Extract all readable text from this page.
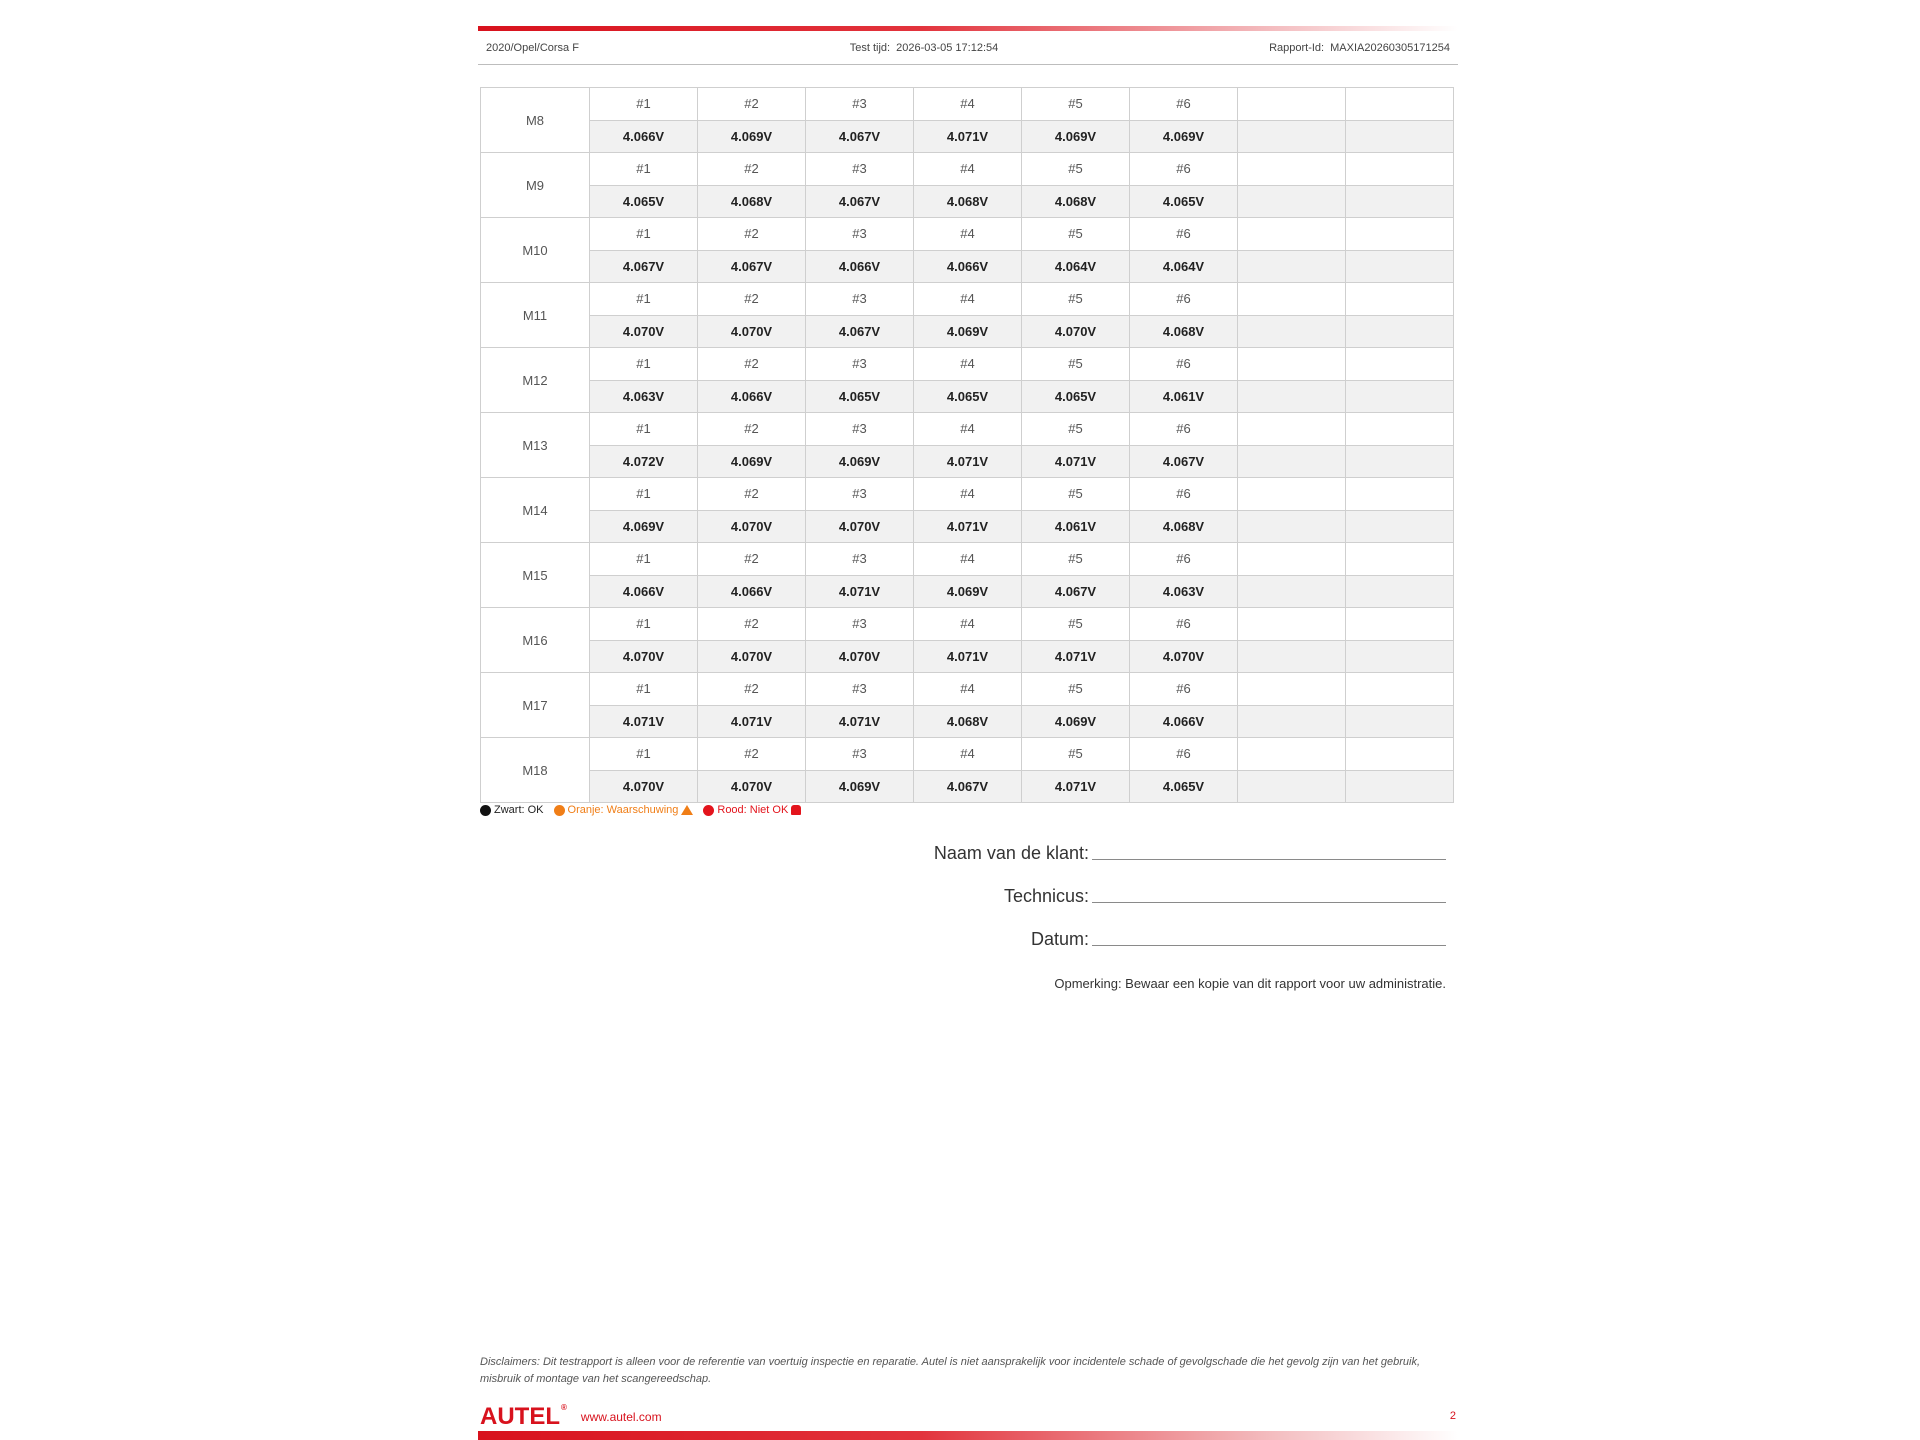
2020/Opel/Corsa F	Test tijd: 2026-03-05 17:12:54	Rapport-Id: MAXIA20260305171254
M8	#1	#2	#3	#4	#5	#6		
	4.066V	4.069V	4.067V	4.071V	4.069V	4.069V		
M9	#1	#2	#3	#4	#5	#6		
	4.065V	4.068V	4.067V	4.068V	4.068V	4.065V		
M10	#1	#2	#3	#4	#5	#6		
	4.067V	4.067V	4.066V	4.066V	4.064V	4.064V		
M11	#1	#2	#3	#4	#5	#6		
	4.070V	4.070V	4.067V	4.069V	4.070V	4.068V		
M12	#1	#2	#3	#4	#5	#6		
	4.063V	4.066V	4.065V	4.065V	4.065V	4.061V		
M13	#1	#2	#3	#4	#5	#6		
	4.072V	4.069V	4.069V	4.071V	4.071V	4.067V		
M14	#1	#2	#3	#4	#5	#6		
	4.069V	4.070V	4.070V	4.071V	4.061V	4.068V		
M15	#1	#2	#3	#4	#5	#6		
	4.066V	4.066V	4.071V	4.069V	4.067V	4.063V		
M16	#1	#2	#3	#4	#5	#6		
	4.070V	4.070V	4.070V	4.071V	4.071V	4.070V		
M17	#1	#2	#3	#4	#5	#6		
	4.071V	4.071V	4.071V	4.068V	4.069V	4.066V		
M18	#1	#2	#3	#4	#5	#6		
	4.070V	4.070V	4.069V	4.067V	4.071V	4.065V		
Zwart: OK Oranje: Waarschuwing	Rood: Niet OK
Naam van de klant:
Technicus:
Datum:
Opmerking: Bewaar een kopie van dit rapport voor uw administratie.
Disclaimers: Dit testrapport is alleen voor de referentie van voertuig inspectie en reparatie. Autel is niet aansprakelijk voor incidentele schade of gevolgschade die het gevolg zijn van het gebruik, misbruik of montage van het scangereedschap.
AUTEL®
www.autel.com	2
